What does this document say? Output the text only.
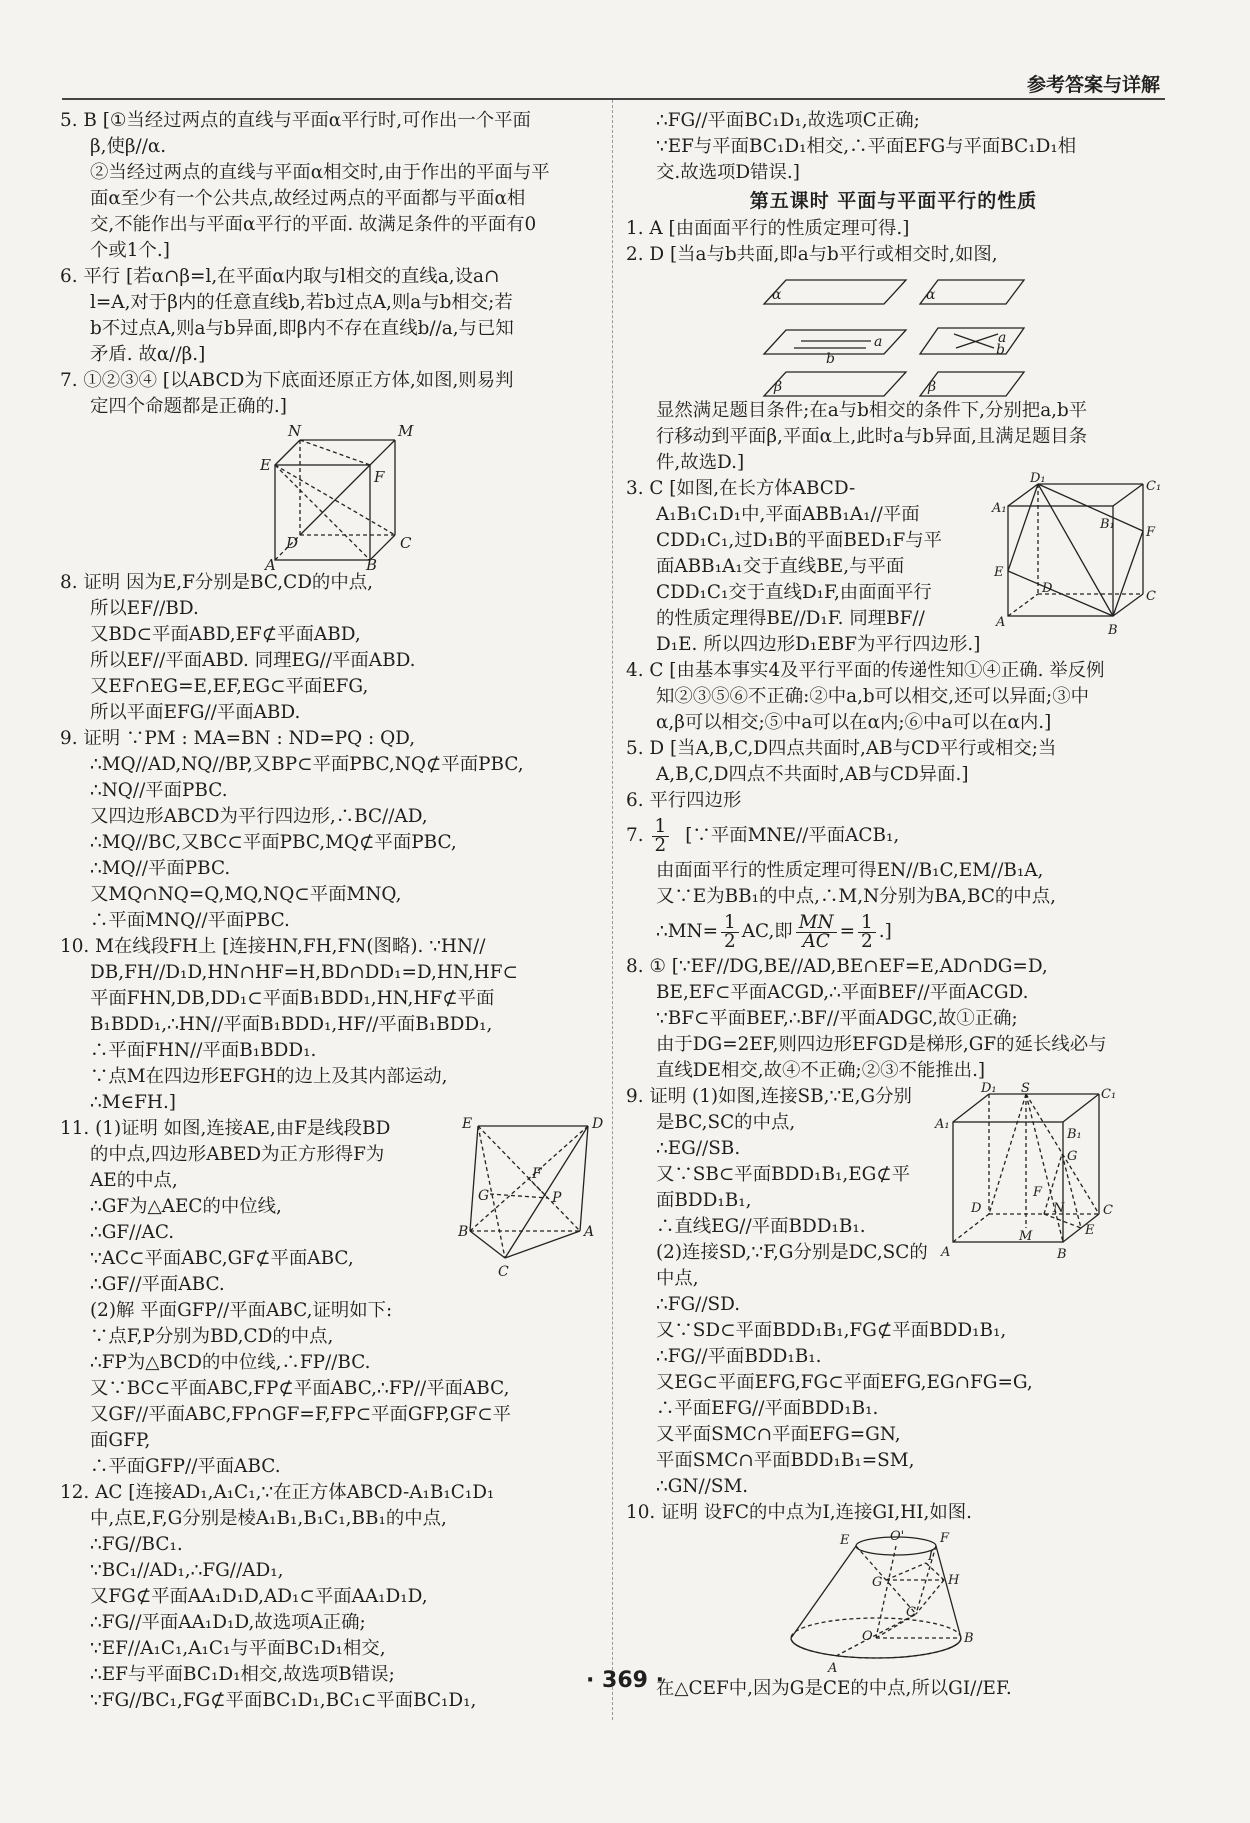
参考答案与详解
5. B [①当经过两点的直线与平面α平行时,可作出一个平面
β,使β//α.
②当经过两点的直线与平面α相交时,由于作出的平面与平
面α至少有一个公共点,故经过两点的平面都与平面α相
交,不能作出与平面α平行的平面. 故满足条件的平面有0
个或1个.]
6. 平行 [若α∩β=l,在平面α内取与l相交的直线a,设a∩
l=A,对于β内的任意直线b,若b过点A,则a与b相交;若
b不过点A,则a与b异面,即β内不存在直线b//a,与已知
矛盾. 故α//β.]
7. ①②③④ [以ABCD为下底面还原正方体,如图,则易判
定四个命题都是正确的.]
N	M
E
F
D	C
A	B
8. 证明 因为E,F分别是BC,CD的中点,
所以EF//BD.
又BD⊂平面ABD,EF⊄平面ABD,
所以EF//平面ABD. 同理EG//平面ABD.
又EF∩EG=E,EF,EG⊂平面EFG,
所以平面EFG//平面ABD.
9. 证明 ∵PM : MA=BN : ND=PQ : QD,
∴MQ//AD,NQ//BP,又BP⊂平面PBC,NQ⊄平面PBC,
∴NQ//平面PBC.
又四边形ABCD为平行四边形,∴BC//AD,
∴MQ//BC,又BC⊂平面PBC,MQ⊄平面PBC,
∴MQ//平面PBC.
又MQ∩NQ=Q,MQ,NQ⊂平面MNQ,
∴平面MNQ//平面PBC.
10. M在线段FH上 [连接HN,FH,FN(图略). ∵HN//
DB,FH//D₁D,HN∩HF=H,BD∩DD₁=D,HN,HF⊂
平面FHN,DB,DD₁⊂平面B₁BDD₁,HN,HF⊄平面
B₁BDD₁,∴HN//平面B₁BDD₁,HF//平面B₁BDD₁,
∴平面FHN//平面B₁BDD₁.
∵点M在四边形EFGH的边上及其内部运动,
∴M∈FH.]
11. (1)证明 如图,连接AE,由F是线段BD
的中点,四边形ABED为正方形得F为
AE的中点,
∴GF为△AEC的中位线,
∴GF//AC.
∵AC⊂平面ABC,GF⊄平面ABC,
∴GF//平面ABC.
E	D
F
G	P
B	A
C
(2)解 平面GFP//平面ABC,证明如下:
∵点F,P分别为BD,CD的中点,
∴FP为△BCD的中位线,∴FP//BC.
又∵BC⊂平面ABC,FP⊄平面ABC,∴FP//平面ABC,
又GF//平面ABC,FP∩GF=F,FP⊂平面GFP,GF⊂平
面GFP,
∴平面GFP//平面ABC.
12. AC [连接AD₁,A₁C₁,∵在正方体ABCD-A₁B₁C₁D₁
中,点E,F,G分别是棱A₁B₁,B₁C₁,BB₁的中点,
∴FG//BC₁.
∵BC₁//AD₁,∴FG//AD₁,
又FG⊄平面AA₁D₁D,AD₁⊂平面AA₁D₁D,
∴FG//平面AA₁D₁D,故选项A正确;
∵EF//A₁C₁,A₁C₁与平面BC₁D₁相交,
∴EF与平面BC₁D₁相交,故选项B错误;
∵FG//BC₁,FG⊄平面BC₁D₁,BC₁⊂平面BC₁D₁,
∴FG//平面BC₁D₁,故选项C正确;
∵EF与平面BC₁D₁相交,∴平面EFG与平面BC₁D₁相
交.故选项D错误.]
第五课时 平面与平面平行的性质
1. A [由面面平行的性质定理可得.]
2. D [当a与b共面,即a与b平行或相交时,如图,
α	α
a
b
a
b
β	β
显然满足题目条件;在a与b相交的条件下,分别把a,b平
行移动到平面β,平面α上,此时a与b异面,且满足题目条
件,故选D.]
3. C [如图,在长方体ABCD-
A₁B₁C₁D₁中,平面ABB₁A₁//平面
CDD₁C₁,过D₁B的平面BED₁F与平
面ABB₁A₁交于直线BE,与平面
CDD₁C₁交于直线D₁F,由面面平行
的性质定理得BE//D₁F. 同理BF//
D₁E. 所以四边形D₁EBF为平行四边形.]
D₁
C₁
A₁
B₁
F
E
D
C
A
B
4. C [由基本事实4及平行平面的传递性知①④正确. 举反例
知②③⑤⑥不正确:②中a,b可以相交,还可以异面;③中
α,β可以相交;⑤中a可以在α内;⑥中a可以在α内.]
5. D [当A,B,C,D四点共面时,AB与CD平行或相交;当
A,B,C,D四点不共面时,AB与CD异面.]
6. 平行四边形
7. $\frac{1}{2}$ [∵平面MNE//平面ACB₁,
由面面平行的性质定理可得EN//B₁C,EM//B₁A,
又∵E为BB₁的中点,∴M,N分别为BA,BC的中点,
∴MN= $\frac{1}{2}$ AC,即 $\frac{MN}{AC} = \frac{1}{2}$ .]
8. ① [∵EF//DG,BE//AD,BE∩EF=E,AD∩DG=D,
BE,EF⊂平面ACGD,∴平面BEF//平面ACGD.
∵BF⊂平面BEF,∴BF//平面ADGC,故①正确;
由于DG=2EF,则四边形EFGD是梯形,GF的延长线必与
直线DE相交,故④不正确;②③不能推出.]
9. 证明 (1)如图,连接SB,∵E,G分别
是BC,SC的中点,
∴EG//SB.
又∵SB⊂平面BDD₁B₁,EG⊄平
面BDD₁B₁,
∴直线EG//平面BDD₁B₁.
(2)连接SD,∵F,G分别是DC,SC的
中点,
D₁	C₁
S
A₁
B₁
G
F
D	N	C
M	E
A	B
∴FG//SD.
又∵SD⊂平面BDD₁B₁,FG⊄平面BDD₁B₁,
∴FG//平面BDD₁B₁.
又EG⊂平面EFG,FG⊂平面EFG,EG∩FG=G,
∴平面EFG//平面BDD₁B₁.
又平面SMC∩平面EFG=GN,
平面SMC∩平面BDD₁B₁=SM,
∴GN//SM.
10. 证明 设FC的中点为I,连接GI,HI,如图.
E	O'	F
I
H
G
C
O	B
A
在△CEF中,因为G是CE的中点,所以GI//EF.
· 369 ·
